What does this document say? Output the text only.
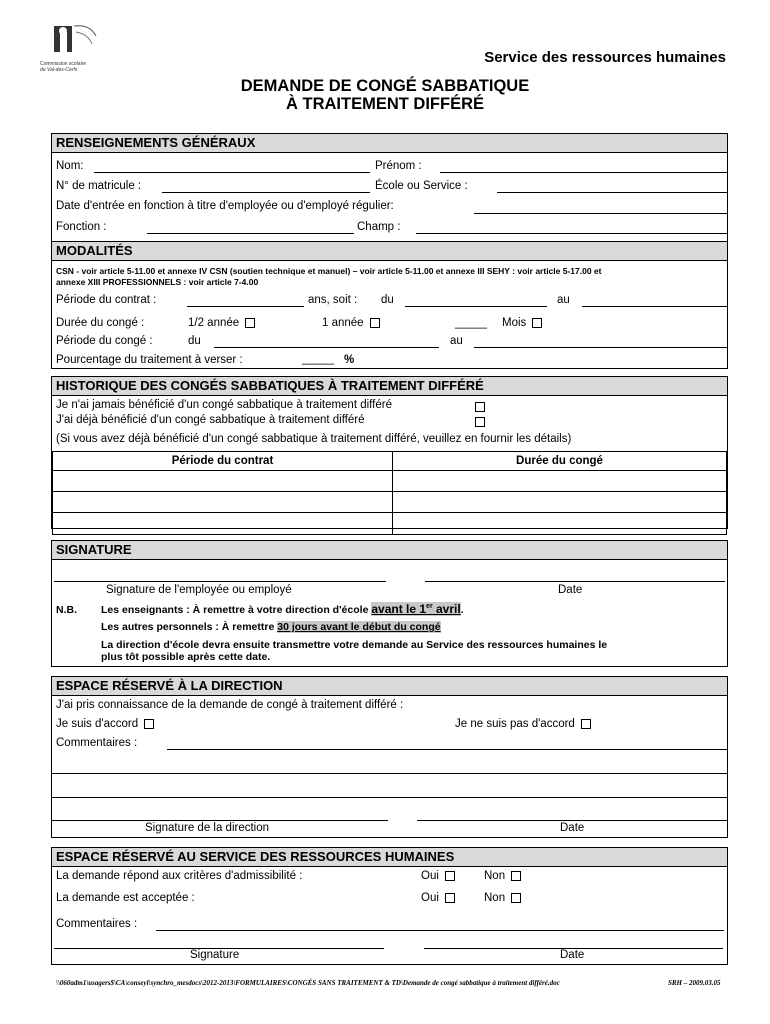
Commission scolaire
du Val-des-Cerfs
Service des ressources humaines
DEMANDE DE CONGÉ SABBATIQUE
À TRAITEMENT DIFFÉRÉ
RENSEIGNEMENTS GÉNÉRAUX
Nom:	Prénom :
N° de matricule :	École ou Service :
Date d'entrée en fonction à titre d'employée ou d'employé régulier:
Fonction :	Champ :
MODALITÉS
CSN - voir article 5-11.00 et annexe IV CSN (soutien technique et manuel) – voir article 5-11.00 et annexe III SEHY : voir article 5-17.00 et
annexe XIII PROFESSIONNELS : voir article 7-4.00
Période du contrat :	ans, soit : du	au
Durée du congé :	1/2 année	1 année	_____ Mois
Période du congé :	du	au
Pourcentage du traitement à verser :	_____ %
HISTORIQUE DES CONGÉS SABBATIQUES À TRAITEMENT DIFFÉRÉ
Je n'ai jamais bénéficié d'un congé sabbatique à traitement différé
J'ai déjà bénéficié d'un congé sabbatique à traitement différé
(Si vous avez déjà bénéficié d'un congé sabbatique à traitement différé, veuillez en fournir les détails)
Période du contrat	Durée du congé

SIGNATURE
Signature de l'employée ou employé	Date
N.B. Les enseignants : À remettre à votre direction d'école avant le 1er avril.
Les autres personnels : À remettre 30 jours avant le début du congé
La direction d'école devra ensuite transmettre votre demande au Service des ressources humaines le
plus tôt possible après cette date.
ESPACE RÉSERVÉ À LA DIRECTION
J'ai pris connaissance de la demande de congé à traitement différé :
Je suis d'accord	Je ne suis pas d'accord
Commentaires :
Signature de la direction	Date
ESPACE RÉSERVÉ AU SERVICE DES RESSOURCES HUMAINES
La demande répond aux critères d'admissibilité :	Oui	Non
La demande est acceptée :	Oui	Non
Commentaires :
Signature	Date
\\060adm1\usagers$\CA\conseyl\synchro_mesdocs\2012-2013\FORMULAIRES\CONGÉS SANS TRAITEMENT & TD\Demande de congé sabbatique à traitement différé.doc	SRH – 2009.03.05
